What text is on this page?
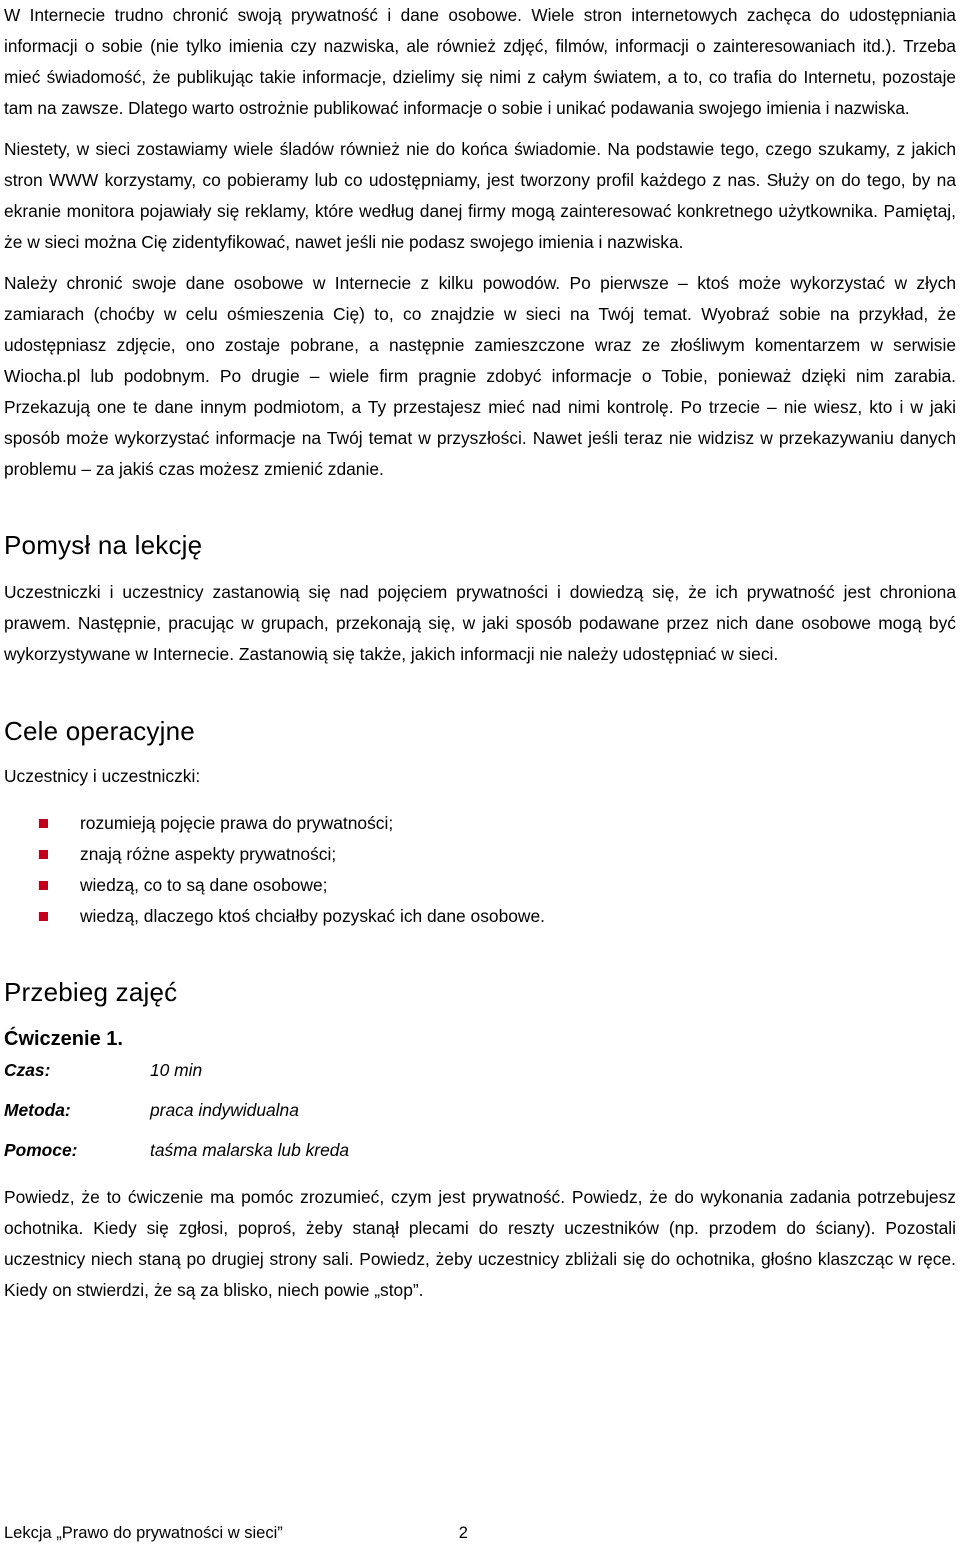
W Internecie trudno chronić swoją prywatność i dane osobowe. Wiele stron internetowych zachęca do udostępniania informacji o sobie (nie tylko imienia czy nazwiska, ale również zdjęć, filmów, informacji o zainteresowaniach itd.). Trzeba mieć świadomość, że publikując takie informacje, dzielimy się nimi z całym światem, a to, co trafia do Internetu, pozostaje tam na zawsze. Dlatego warto ostrożnie publikować informacje o sobie i unikać podawania swojego imienia i nazwiska.

Niestety, w sieci zostawiamy wiele śladów również nie do końca świadomie. Na podstawie tego, czego szukamy, z jakich stron WWW korzystamy, co pobieramy lub co udostępniamy, jest tworzony profil każdego z nas. Służy on do tego, by na ekranie monitora pojawiały się reklamy, które według danej firmy mogą zainteresować konkretnego użytkownika. Pamiętaj, że w sieci można Cię zidentyfikować, nawet jeśli nie podasz swojego imienia i nazwiska.

Należy chronić swoje dane osobowe w Internecie z kilku powodów. Po pierwsze – ktoś może wykorzystać w złych zamiarach (choćby w celu ośmieszenia Cię) to, co znajdzie w sieci na Twój temat. Wyobraź sobie na przykład, że udostępniasz zdjęcie, ono zostaje pobrane, a następnie zamieszczone wraz ze złośliwym komentarzem w serwisie Wiocha.pl lub podobnym. Po drugie – wiele firm pragnie zdobyć informacje o Tobie, ponieważ dzięki nim zarabia. Przekazują one te dane innym podmiotom, a Ty przestajesz mieć nad nimi kontrolę. Po trzecie – nie wiesz, kto i w jaki sposób może wykorzystać informacje na Twój temat w przyszłości. Nawet jeśli teraz nie widzisz w przekazywaniu danych problemu – za jakiś czas możesz zmienić zdanie.

Pomysł na lekcję

Uczestniczki i uczestnicy zastanowią się nad pojęciem prywatności i dowiedzą się, że ich prywatność jest chroniona prawem. Następnie, pracując w grupach, przekonają się, w jaki sposób podawane przez nich dane osobowe mogą być wykorzystywane w Internecie. Zastanowią się także, jakich informacji nie należy udostępniać w sieci.

Cele operacyjne

Uczestnicy i uczestniczki:

rozumieją pojęcie prawa do prywatności;
znają różne aspekty prywatności;
wiedzą, co to są dane osobowe;
wiedzą, dlaczego ktoś chciałby pozyskać ich dane osobowe.
Przebieg zajęć
Ćwiczenie 1.
Czas:	10 min
Metoda:	praca indywidualna
Pomoce:	taśma malarska lub kreda

Powiedz, że to ćwiczenie ma pomóc zrozumieć, czym jest prywatność. Powiedz, że do wykonania zadania potrzebujesz ochotnika. Kiedy się zgłosi, poproś, żeby stanął plecami do reszty uczestników (np. przodem do ściany). Pozostali uczestnicy niech staną po drugiej strony sali. Powiedz, żeby uczestnicy zbliżali się do ochotnika, głośno klaszcząc w ręce. Kiedy on stwierdzi, że są za blisko, niech powie „stop”.

Lekcja „Prawo do prywatności w sieci”	2
